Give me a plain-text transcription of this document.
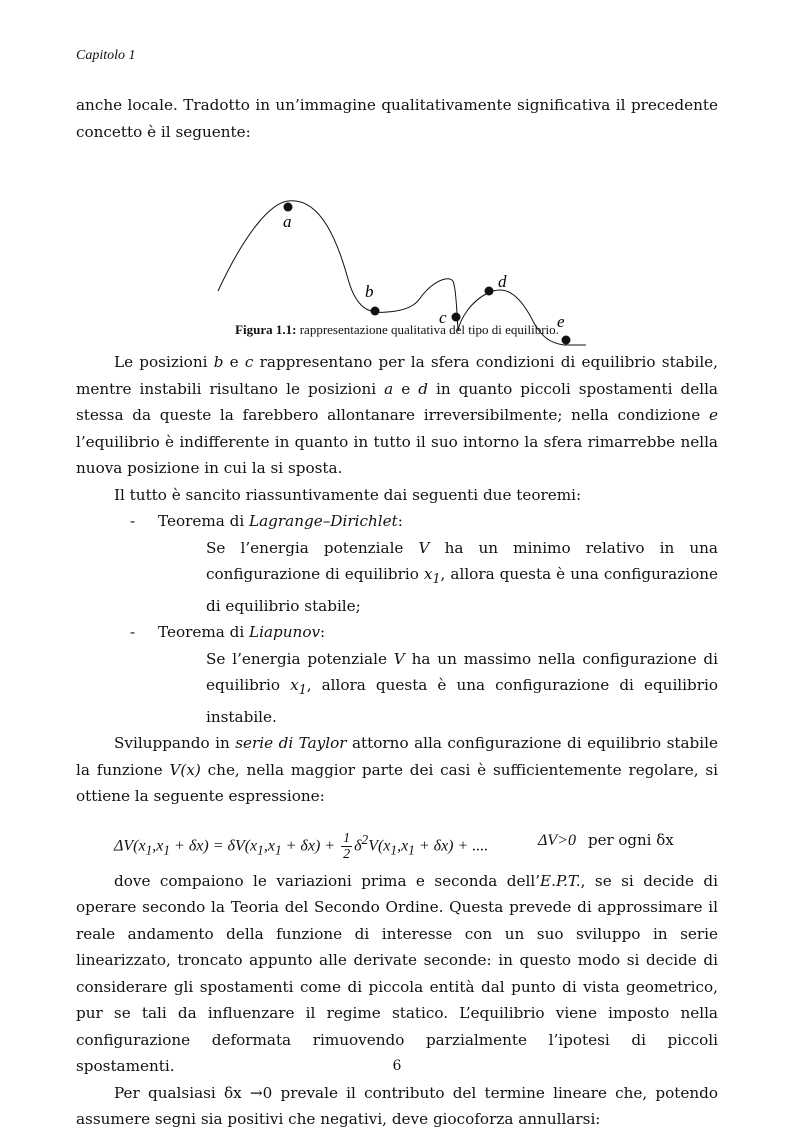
Capitolo 1

anche locale. Tradotto in un’immagine qualitativamente significativa il precedente concetto è il seguente:

a
b
c
d
e

Figura 1.1: rappresentazione qualitativa del tipo di equilibrio.

Le posizioni b e c rappresentano per la sfera condizioni di equilibrio stabile, mentre instabili risultano le posizioni a e d in quanto piccoli spostamenti della stessa da queste la farebbero allontanare irreversibilmente; nella condizione e l’equilibrio è indifferente in quanto in tutto il suo intorno la sfera rimarrebbe nella nuova posizione in cui la si sposta.

Il tutto è sancito riassuntivamente dai seguenti due teoremi:

- Teorema di Lagrange–Dirichlet:

Se l’energia potenziale V ha un minimo relativo in una configurazione di equilibrio $x_1$, allora questa è una configurazione di equilibrio stabile;

- Teorema di Liapunov:

Se l’energia potenziale V ha un massimo nella configurazione di equilibrio $x_1$, allora questa è una configurazione di equilibrio instabile.

Sviluppando in serie di Taylor attorno alla configurazione di equilibrio stabile la funzione V(x) che, nella maggior parte dei casi è sufficientemente regolare, si ottiene la seguente espressione:

$\Delta V(x_1,x_1 + \delta x) = \delta V(x_1,x_1 + \delta x) + \frac{1}{2} \delta^2V(x_1,x_1 + \delta x)$ + ....	ΔV>0 per ogni δx

dove compaiono le variazioni prima e seconda dell’E.P.T., se si decide di operare secondo la Teoria del Secondo Ordine. Questa prevede di approssimare il reale andamento della funzione di interesse con un suo sviluppo in serie linearizzato, troncato appunto alle derivate seconde: in questo modo si decide di considerare gli spostamenti come di piccola entità dal punto di vista geometrico, pur se tali da influenzare il regime statico. L’equilibrio viene imposto nella configurazione deformata rimuovendo parzialmente l’ipotesi di piccoli spostamenti.

Per qualsiasi δx →0 prevale il contributo del termine lineare che, potendo assumere segni sia positivi che negativi, deve giocoforza annullarsi:

6
